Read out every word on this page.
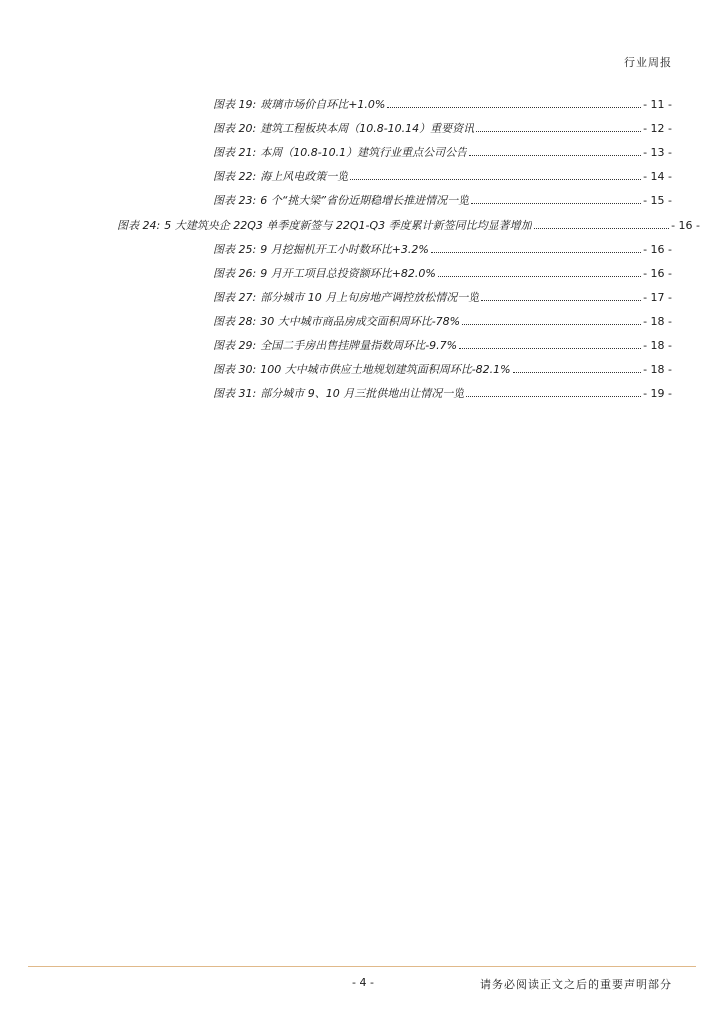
行业周报
图表 19: 玻璃市场价自环比+1.0%	- 11 -
图表 20: 建筑工程板块本周（10.8-10.14）重要资讯	- 12 -
图表 21: 本周（10.8-10.1）建筑行业重点公司公告	- 13 -
图表 22: 海上风电政策一览	- 14 -
图表 23: 6 个“挑大梁”省份近期稳增长推进情况一览	- 15 -
图表 24: 5 大建筑央企 22Q3 单季度新签与 22Q1-Q3 季度累计新签同比均显著增加	- 16 -
图表 25: 9 月挖掘机开工小时数环比+3.2%	- 16 -
图表 26: 9 月开工项目总投资额环比+82.0%	- 16 -
图表 27: 部分城市 10 月上旬房地产调控放松情况一览	- 17 -
图表 28: 30 大中城市商品房成交面积周环比-78%	- 18 -
图表 29: 全国二手房出售挂牌量指数周环比-9.7%	- 18 -
图表 30: 100 大中城市供应土地规划建筑面积周环比-82.1%	- 18 -
图表 31: 部分城市 9、10 月三批供地出让情况一览	- 19 -
- 4 -	请务必阅读正文之后的重要声明部分
